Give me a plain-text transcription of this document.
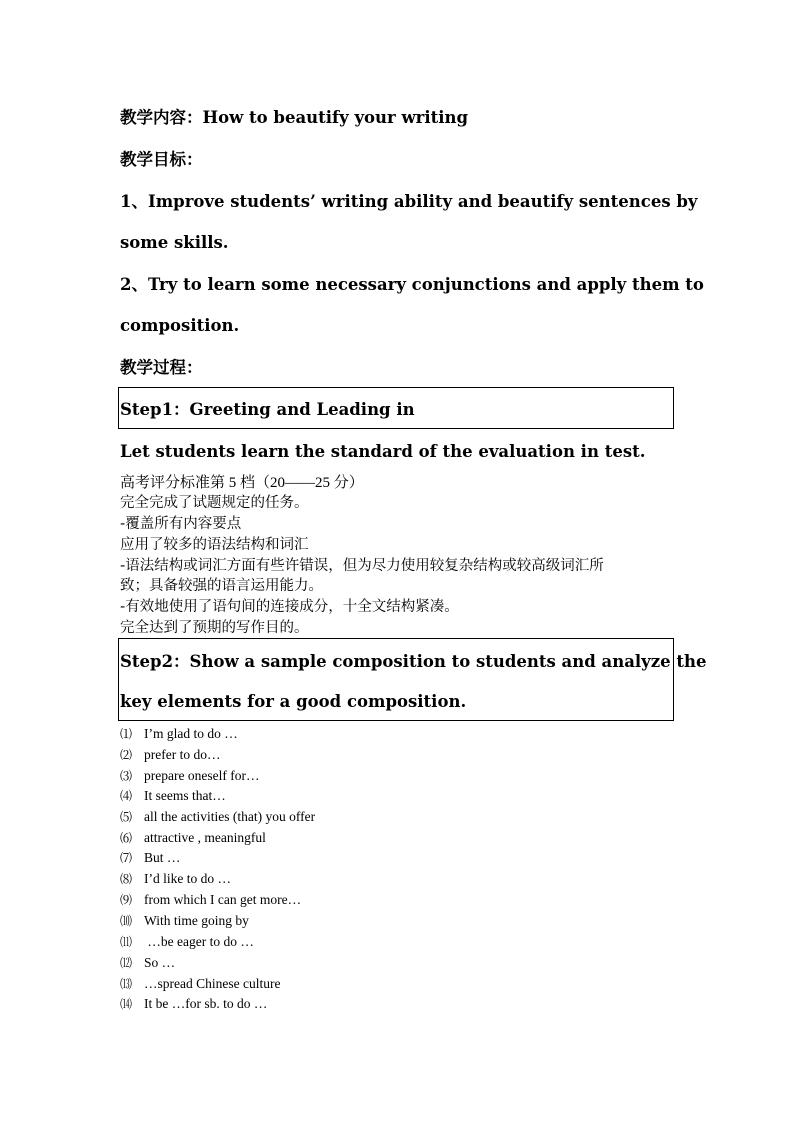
教学内容：How to beautify your writing
教学目标：
1、Improve students’ writing ability and beautify sentences by
some skills.
2、Try to learn some necessary conjunctions and apply them to
composition.
教学过程：
Step1：Greeting and Leading in
Let students learn the standard of the evaluation in test.
高考评分标准第 5 档（20——25 分）
完全完成了试题规定的任务。
-覆盖所有内容要点
应用了较多的语法结构和词汇
-语法结构或词汇方面有些许错误，但为尽力使用较复杂结构或较高级词汇所
致；具备较强的语言运用能力。
-有效地使用了语句间的连接成分，十全文结构紧凑。
完全达到了预期的写作目的。
Step2：Show a sample composition to students and analyze the
key elements for a good composition.
⑴ I’m glad to do …
⑵ prefer to do…
⑶ prepare oneself for…
⑷ It seems that…
⑸ all the activities (that) you offer
⑹ attractive , meaningful
⑺ But …
⑻ I’d like to do …
⑼ from which I can get more…
⑽ With time going by
⑾ …be eager to do …
⑿ So …
⒀ …spread Chinese culture
⒁ It be …for sb. to do …
